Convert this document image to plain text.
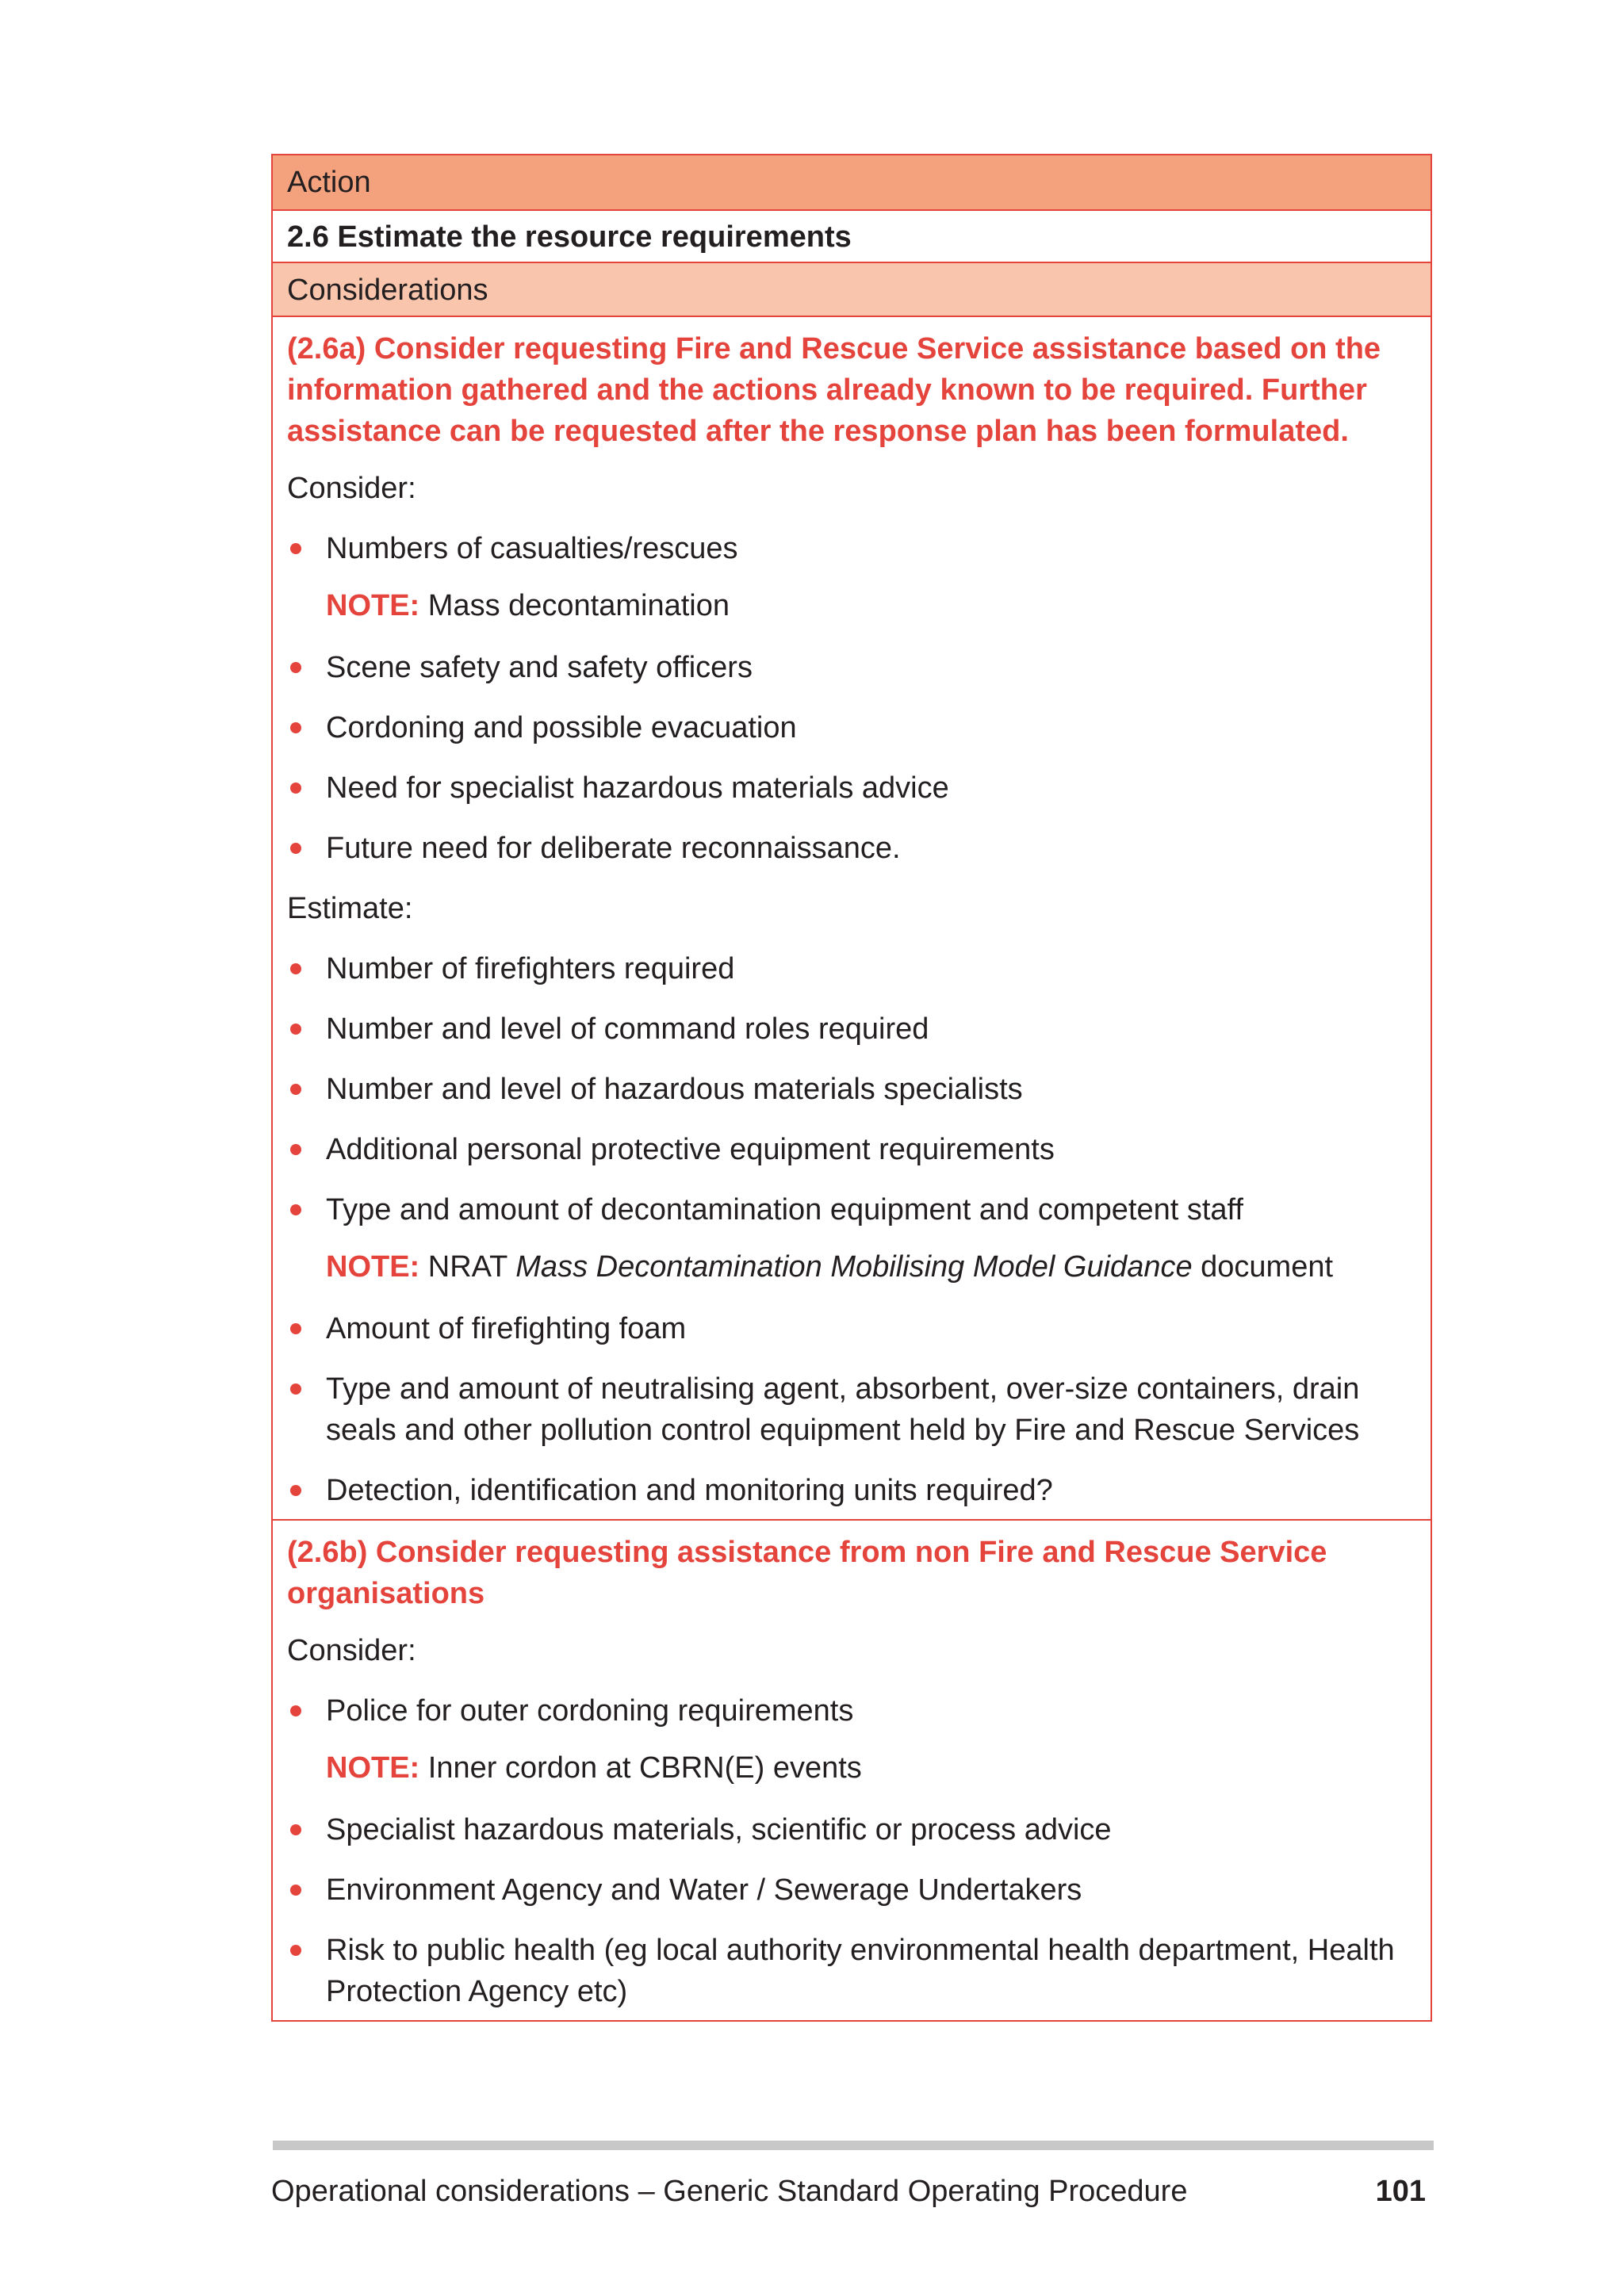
Action
2.6 Estimate the resource requirements
Considerations
(2.6a) Consider requesting Fire and Rescue Service assistance based on the information gathered and the actions already known to be required. Further assistance can be requested after the response plan has been formulated.
Consider:
Numbers of casualties/rescues
NOTE: Mass decontamination
Scene safety and safety officers
Cordoning and possible evacuation
Need for specialist hazardous materials advice
Future need for deliberate reconnaissance.
Estimate:
Number of firefighters required
Number and level of command roles required
Number and level of hazardous materials specialists
Additional personal protective equipment requirements
Type and amount of decontamination equipment and competent staff
NOTE: NRAT Mass Decontamination Mobilising Model Guidance document
Amount of firefighting foam
Type and amount of neutralising agent, absorbent, over-size containers, drain seals and other pollution control equipment held by Fire and Rescue Services
Detection, identification and monitoring units required?
(2.6b) Consider requesting assistance from non Fire and Rescue Service organisations
Consider:
Police for outer cordoning requirements
NOTE: Inner cordon at CBRN(E) events
Specialist hazardous materials, scientific or process advice
Environment Agency and Water / Sewerage Undertakers
Risk to public health (eg local authority environmental health department, Health Protection Agency etc)
Operational considerations – Generic Standard Operating Procedure	101
